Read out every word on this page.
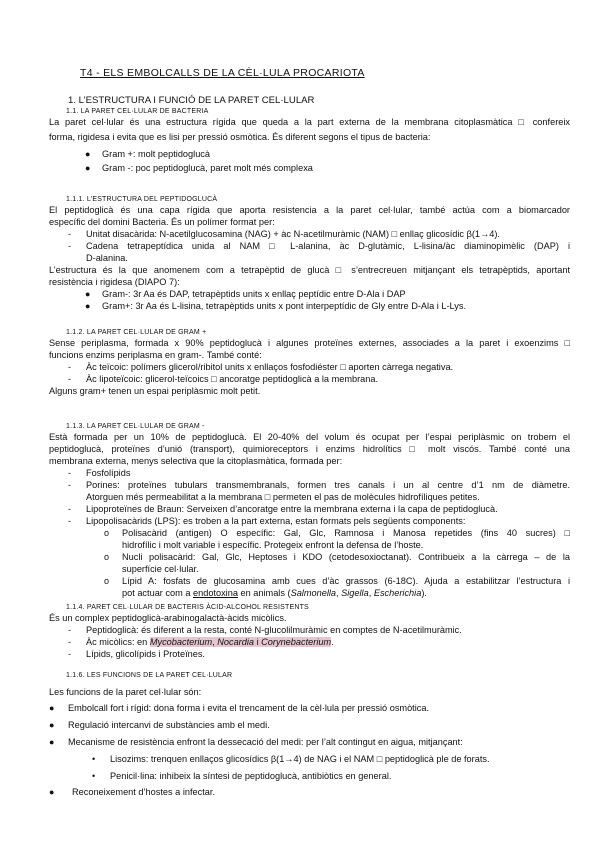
T4 - ELS EMBOLCALLS DE LA CÈL·LULA PROCARIOTA
1. L’ESTRUCTURA I FUNCIÓ DE LA PARET CEL·LULAR
1.1. LA PARET CEL·LULAR DE BACTERIA
La paret cel·lular és una estructura rígida que queda a la part externa de la membrana citoplasmàtica □ confereix
forma, rigidesa i evita que es lisi per pressió osmòtica. És diferent segons el tipus de bacteria:
● Gram +: molt peptidoglucà
● Gram -: poc peptidoglucà, paret molt més complexa
1.1.1. L’ESTRUCTURA DEL PEPTIDOGLUCÀ
El peptidoglicà és una capa rígida que aporta resistencia a la paret cel·lular, també actúa com a biomarcador
específic del domini Bacteria. És un polímer format per:
- Unitat disacàrida: N-acetilglucosamina (NAG) + àc N-acetilmuràmic (NAM) □ enllaç glicosídic β(1→4).
- Cadena tetrapeptídica unida al NAM □ L-alanina, àc D-glutàmic, L-lisina/àc diaminopimèlic (DAP) i
D-alanina.
L’estructura és la que anomenem com a tetrapèptid de glucà □ s’entrecreuen mitjançant els tetrapèptids, aportant
resistència i rigidesa (DIAPO 7):
● Gram-: 3r Aa és DAP, tetrapèptids units x enllaç peptídic entre D-Ala i DAP
● Gram+: 3r Aa és L-lisina, tetrapèptids units x pont interpeptídic de Gly entre D-Ala i L-Lys.
1.1.2. LA PARET CEL·LULAR DE GRAM +
Sense periplasma, formada x 90% peptidoglucà i algunes proteïnes externes, associades a la paret i exoenzims □
funcions enzims periplasma en gram-. També conté:
- Àc teïcoic: polímers glicerol/ribitol units x enllaços fosfodiéster □ aporten càrrega negativa.
- Àc lipoteïcoic: glicerol-teïcoics □ ancoratge peptidoglicà a la membrana.
Alguns gram+ tenen un espai periplàsmic molt petit.
1.1.3. LA PARET CEL·LULAR DE GRAM -
Està formada per un 10% de peptidoglucà. El 20-40% del volum és ocupat per l’espai periplàsmic on trobem el
peptidoglucà, proteïnes d’unió (transport), quimioreceptors i enzims hidrolítics □ molt viscós. També conté una
membrana externa, menys selectiva que la citoplasmàtica, formada per:
- Fosfolípids
- Porines: proteïnes tubulars transmembranals, formen tres canals i un al centre d’1 nm de diàmetre.
Atorguen més permeabilitat a la membrana □ permeten el pas de molècules hidrofíliques petites.
- Lipoproteïnes de Braun: Serveixen d’ancoratge entre la membrana externa i la capa de peptidoglucà.
- Lipopolisacàrids (LPS): es troben a la part externa, estan formats pels següents components:
o Polisacàrid (antigen) O específic: Gal, Glc, Ramnosa i Manosa repetides (fins 40 sucres) □
hidrofílic i molt variable i específic. Protegeix enfront la defensa de l’hoste.
o Nucli polisacàrid: Gal, Glc, Heptoses i KDO (cetodesoxioctanat). Contribueix a la càrrega – de la
superfície cel·lular.
o Lípid A: fosfats de glucosamina amb cues d’àc grassos (6-18C). Ajuda a estabilitzar l’estructura i
pot actuar com a endotoxina en animals (Salmonella, Sigella, Escherichia).
1.1.4. PARET CEL·LULAR DE BACTERIS ÀCID-ALCOHOL RESISTENTS
És un complex peptidoglicà-arabinogalactà-àcids micòlics.
- Peptidoglicà: és diferent a la resta, conté N-glucolilmuràmic en comptes de N-acetilmuràmic.
- Àc micòlics: en Mycobacterium, Nocardia i Corynebacterium.
- Lípids, glicolípids i Proteïnes.
1.1.6. LES FUNCIONS DE LA PARET CEL·LULAR
Les funcions de la paret cel·lular són:
● Embolcall fort i rígid: dona forma i evita el trencament de la cèl·lula per pressió osmòtica.
● Regulació intercanvi de substàncies amb el medi.
● Mecanisme de resistència enfront la dessecació del medi: per l’alt contingut en aigua, mitjançant:
• Lisozims: trenquen enllaços glicosídics β(1→4) de NAG i el NAM □ peptidoglicà ple de forats.
• Penicil·lina: inhibeix la síntesi de peptidoglucà, antibiòtics en general.
● Reconeixement d’hostes a infectar.
